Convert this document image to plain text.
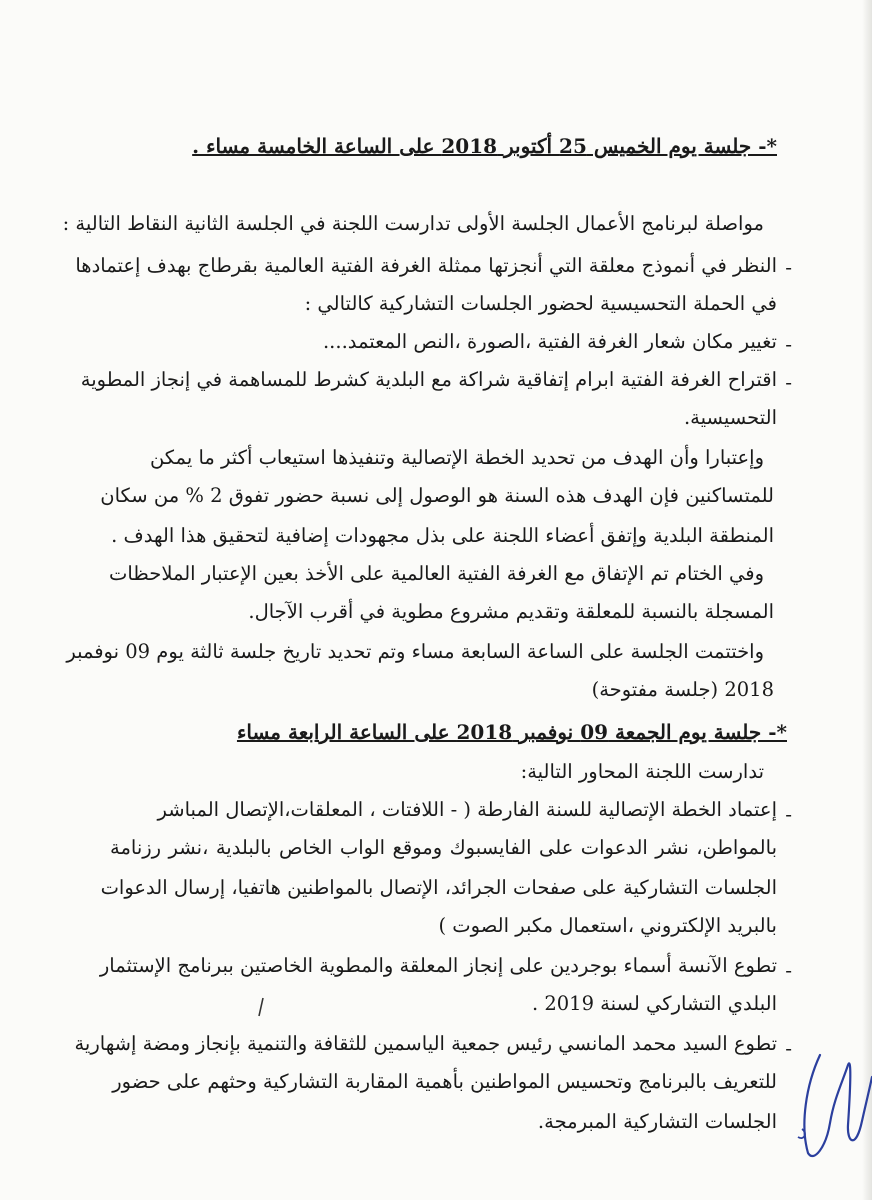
*- جلسة يوم الخميس 25 أكتوبر 2018 على الساعة الخامسة مساء .
مواصلة لبرنامج الأعمال الجلسة الأولى تدارست اللجنة في الجلسة الثانية النقاط التالية :
-
النظر في أنموذج معلقة التي أنجزتها ممثلة الغرفة الفتية العالمية بقرطاج بهدف إعتمادها
في الحملة التحسيسية لحضور الجلسات التشاركية كالتالي :
-
تغيير مكان شعار الغرفة الفتية ،الصورة ،النص المعتمد....
-
اقتراح الغرفة الفتية ابرام إتفاقية شراكة مع البلدية كشرط للمساهمة في إنجاز المطوية
التحسيسية.
وإعتبارا وأن الهدف من تحديد الخطة الإتصالية وتنفيذها استيعاب أكثر ما يمكن
للمتساكنين فإن الهدف هذه السنة هو الوصول إلى نسبة حضور تفوق 2 % من سكان
المنطقة البلدية وإتفق أعضاء اللجنة على بذل مجهودات إضافية لتحقيق هذا الهدف .
وفي الختام تم الإتفاق مع الغرفة الفتية العالمية على الأخذ بعين الإعتبار الملاحظات
المسجلة بالنسبة للمعلقة وتقديم مشروع مطوية في أقرب الآجال.
واختتمت الجلسة على الساعة السابعة مساء وتم تحديد تاريخ جلسة ثالثة يوم 09 نوفمبر
2018 (جلسة مفتوحة)
*- جلسة يوم الجمعة 09 نوفمبر 2018 على الساعة الرابعة مساء
تدارست اللجنة المحاور التالية:
-
إعتماد الخطة الإتصالية للسنة الفارطة ( - اللافتات ، المعلقات،الإتصال المباشر
بالمواطن، نشر الدعوات على الفايسبوك وموقع الواب الخاص بالبلدية ،نشر رزنامة
الجلسات التشاركية على صفحات الجرائد، الإتصال بالمواطنين هاتفيا، إرسال الدعوات
بالبريد الإلكتروني ،استعمال مكبر الصوت )
-
تطوع الآنسة أسماء بوجردين على إنجاز المعلقة والمطوية الخاصتين ببرنامج الإستثمار
البلدي التشاركي لسنة 2019 .
-
تطوع السيد محمد المانسي رئيس جمعية الياسمين للثقافة والتنمية بإنجاز ومضة إشهارية
للتعريف بالبرنامج وتحسيس المواطنين بأهمية المقاربة التشاركية وحثهم على حضور
الجلسات التشاركية المبرمجة.
